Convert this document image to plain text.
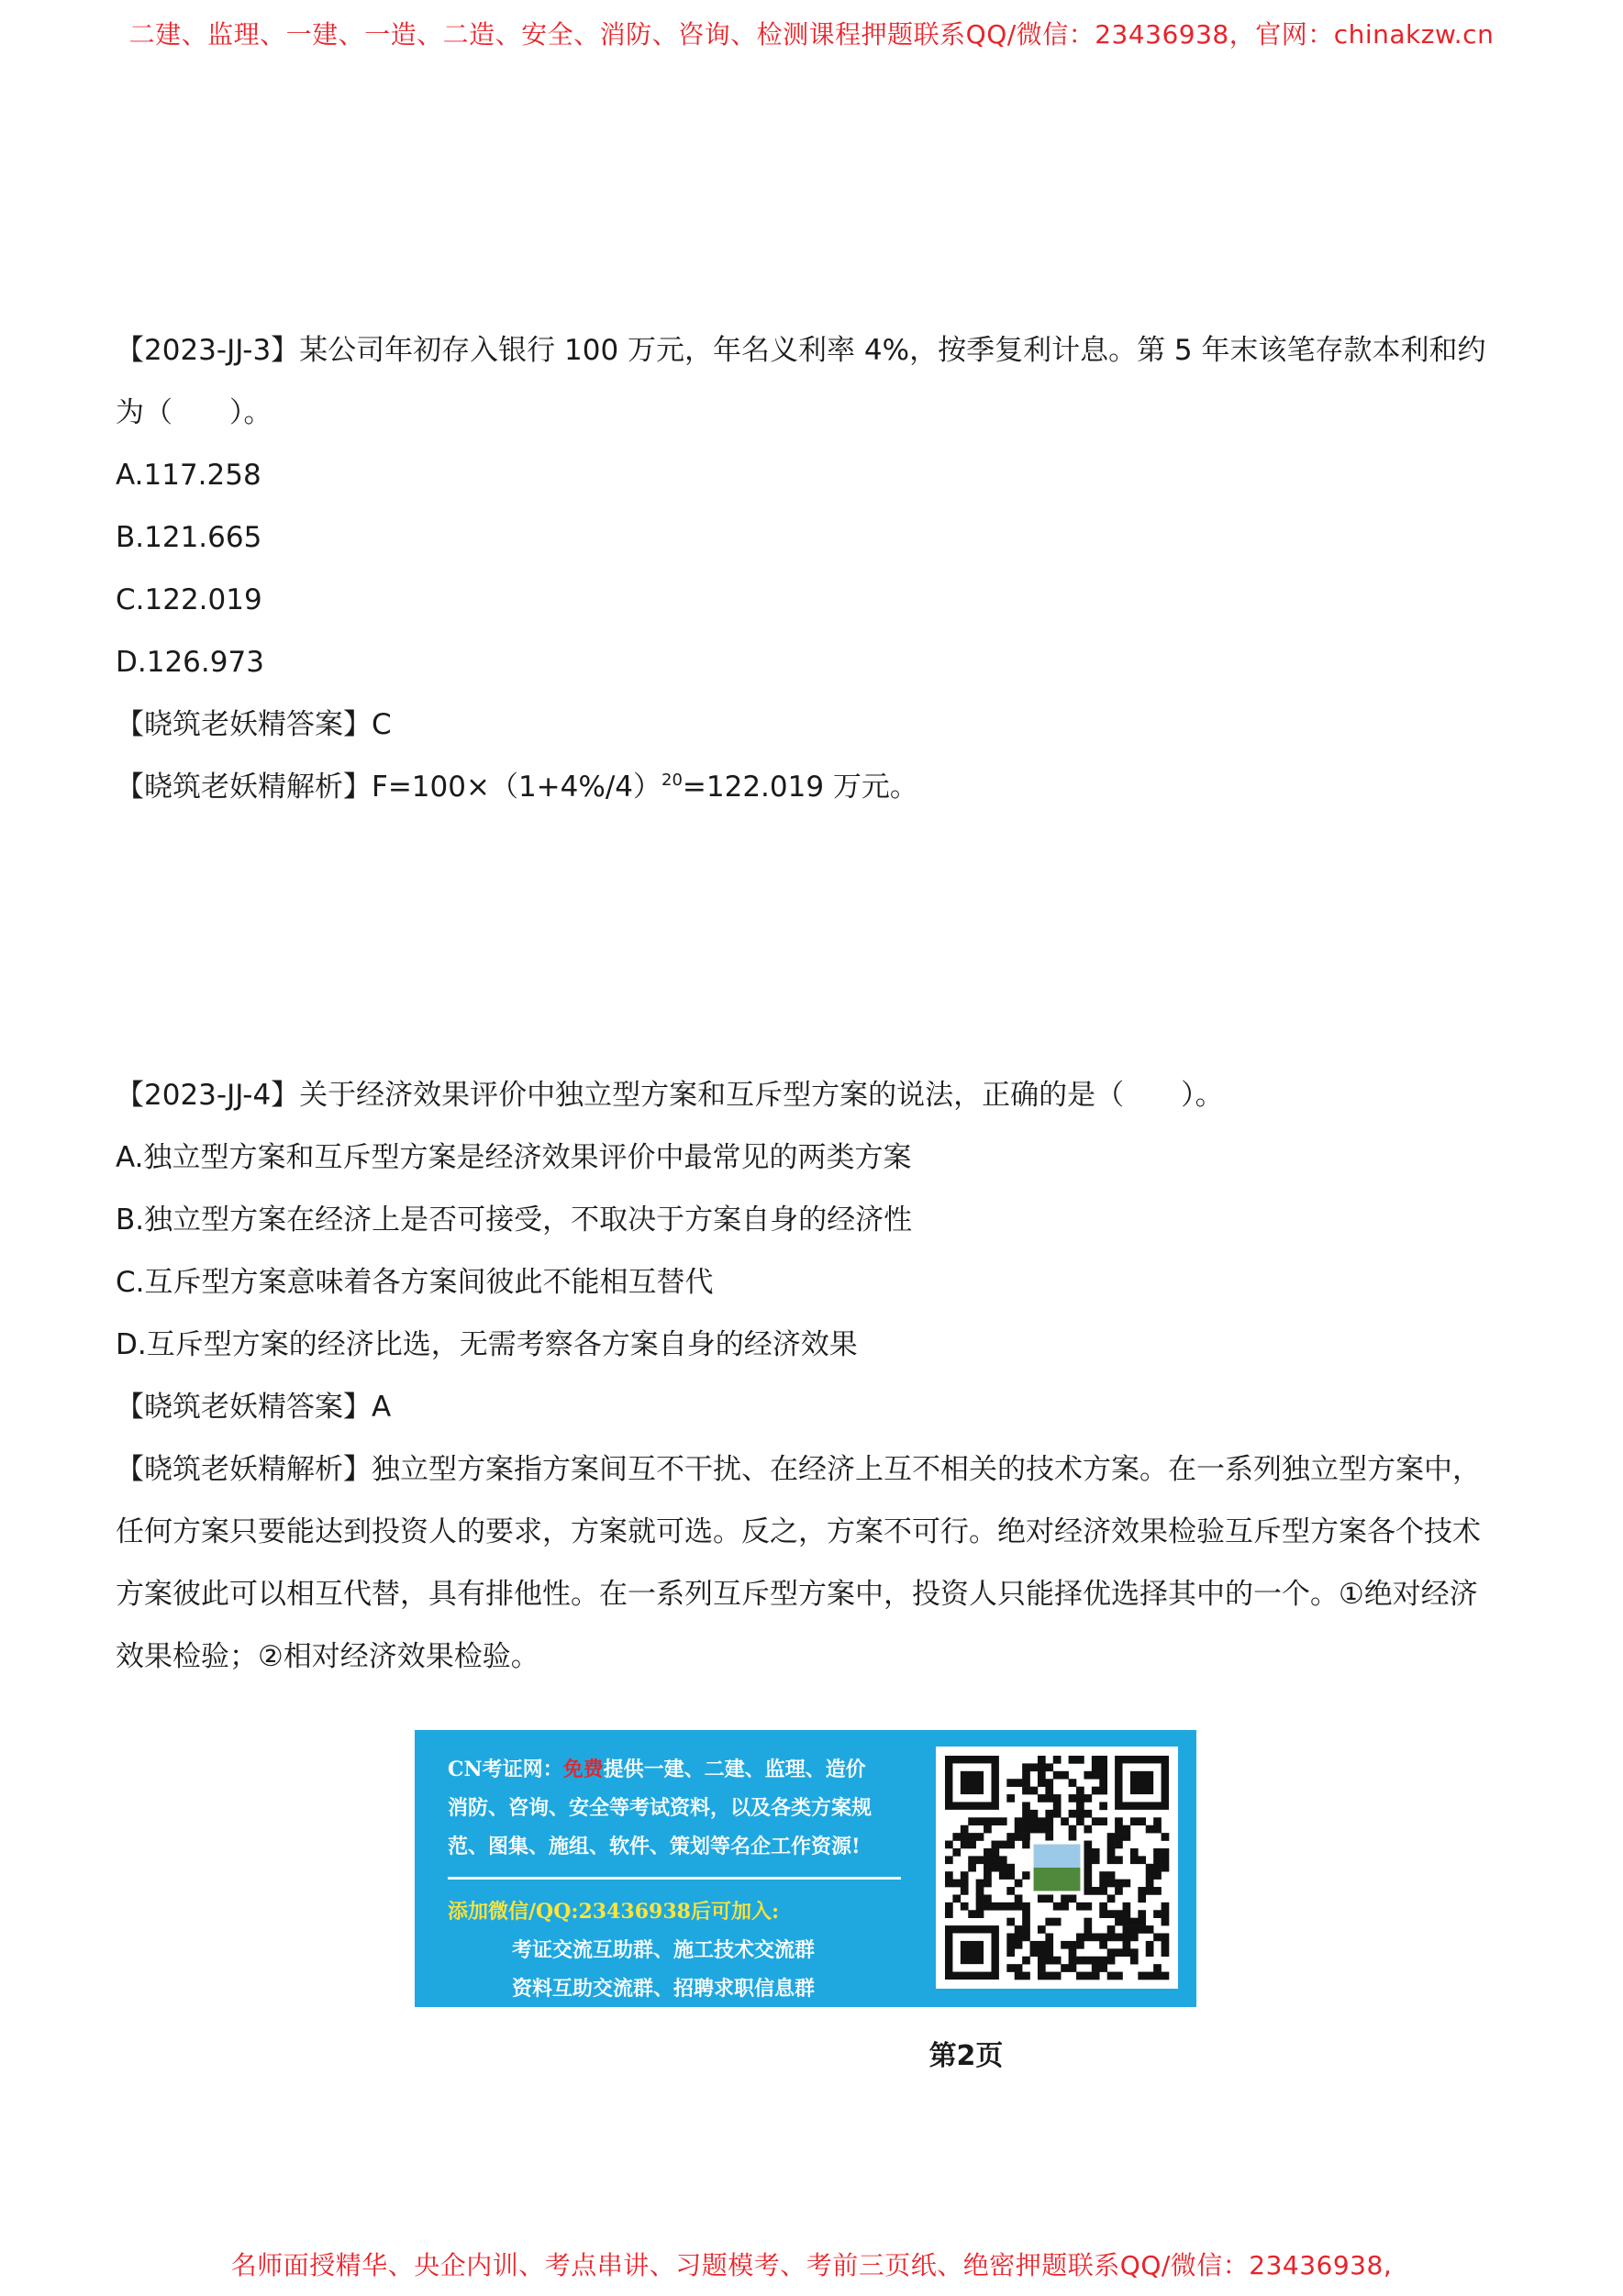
二建、监理、一建、一造、二造、安全、消防、咨询、检测课程押题联系QQ/微信：23436938，官网：chinakzw.cn

【2023-JJ-3】某公司年初存入银行 100 万元，年名义利率 4%，按季复利计息。第 5 年末该笔存款本利和约为（　　）。

A.117.258

B.121.665

C.122.019

D.126.973

【晓筑老妖精答案】C

【晓筑老妖精解析】$F=100\times(1+4\%/4)^{20}=122.019$ 万元。

【2023-JJ-4】关于经济效果评价中独立型方案和互斥型方案的说法，正确的是（　　）。

A.独立型方案和互斥型方案是经济效果评价中最常见的两类方案

B.独立型方案在经济上是否可接受，不取决于方案自身的经济性

C.互斥型方案意味着各方案间彼此不能相互替代

D.互斥型方案的经济比选，无需考察各方案自身的经济效果

【晓筑老妖精答案】A

【晓筑老妖精解析】独立型方案指方案间互不干扰、在经济上互不相关的技术方案。在一系列独立型方案中，

任何方案只要能达到投资人的要求，方案就可选。反之，方案不可行。绝对经济效果检验互斥型方案各个技术

方案彼此可以相互代替，具有排他性。在一系列互斥型方案中，投资人只能择优选择其中的一个。①绝对经济

效果检验；②相对经济效果检验。

CN考证网：免费提供一建、二建、监理、造价

消防、咨询、安全等考试资料，以及各类方案规

范、图集、施组、软件、策划等名企工作资源!

添加微信/QQ:23436938后可加入:

考证交流互助群、施工技术交流群

资料互助交流群、招聘求职信息群

第2页
名师面授精华、央企内训、考点串讲、习题模考、考前三页纸、绝密押题联系QQ/微信：23436938,
